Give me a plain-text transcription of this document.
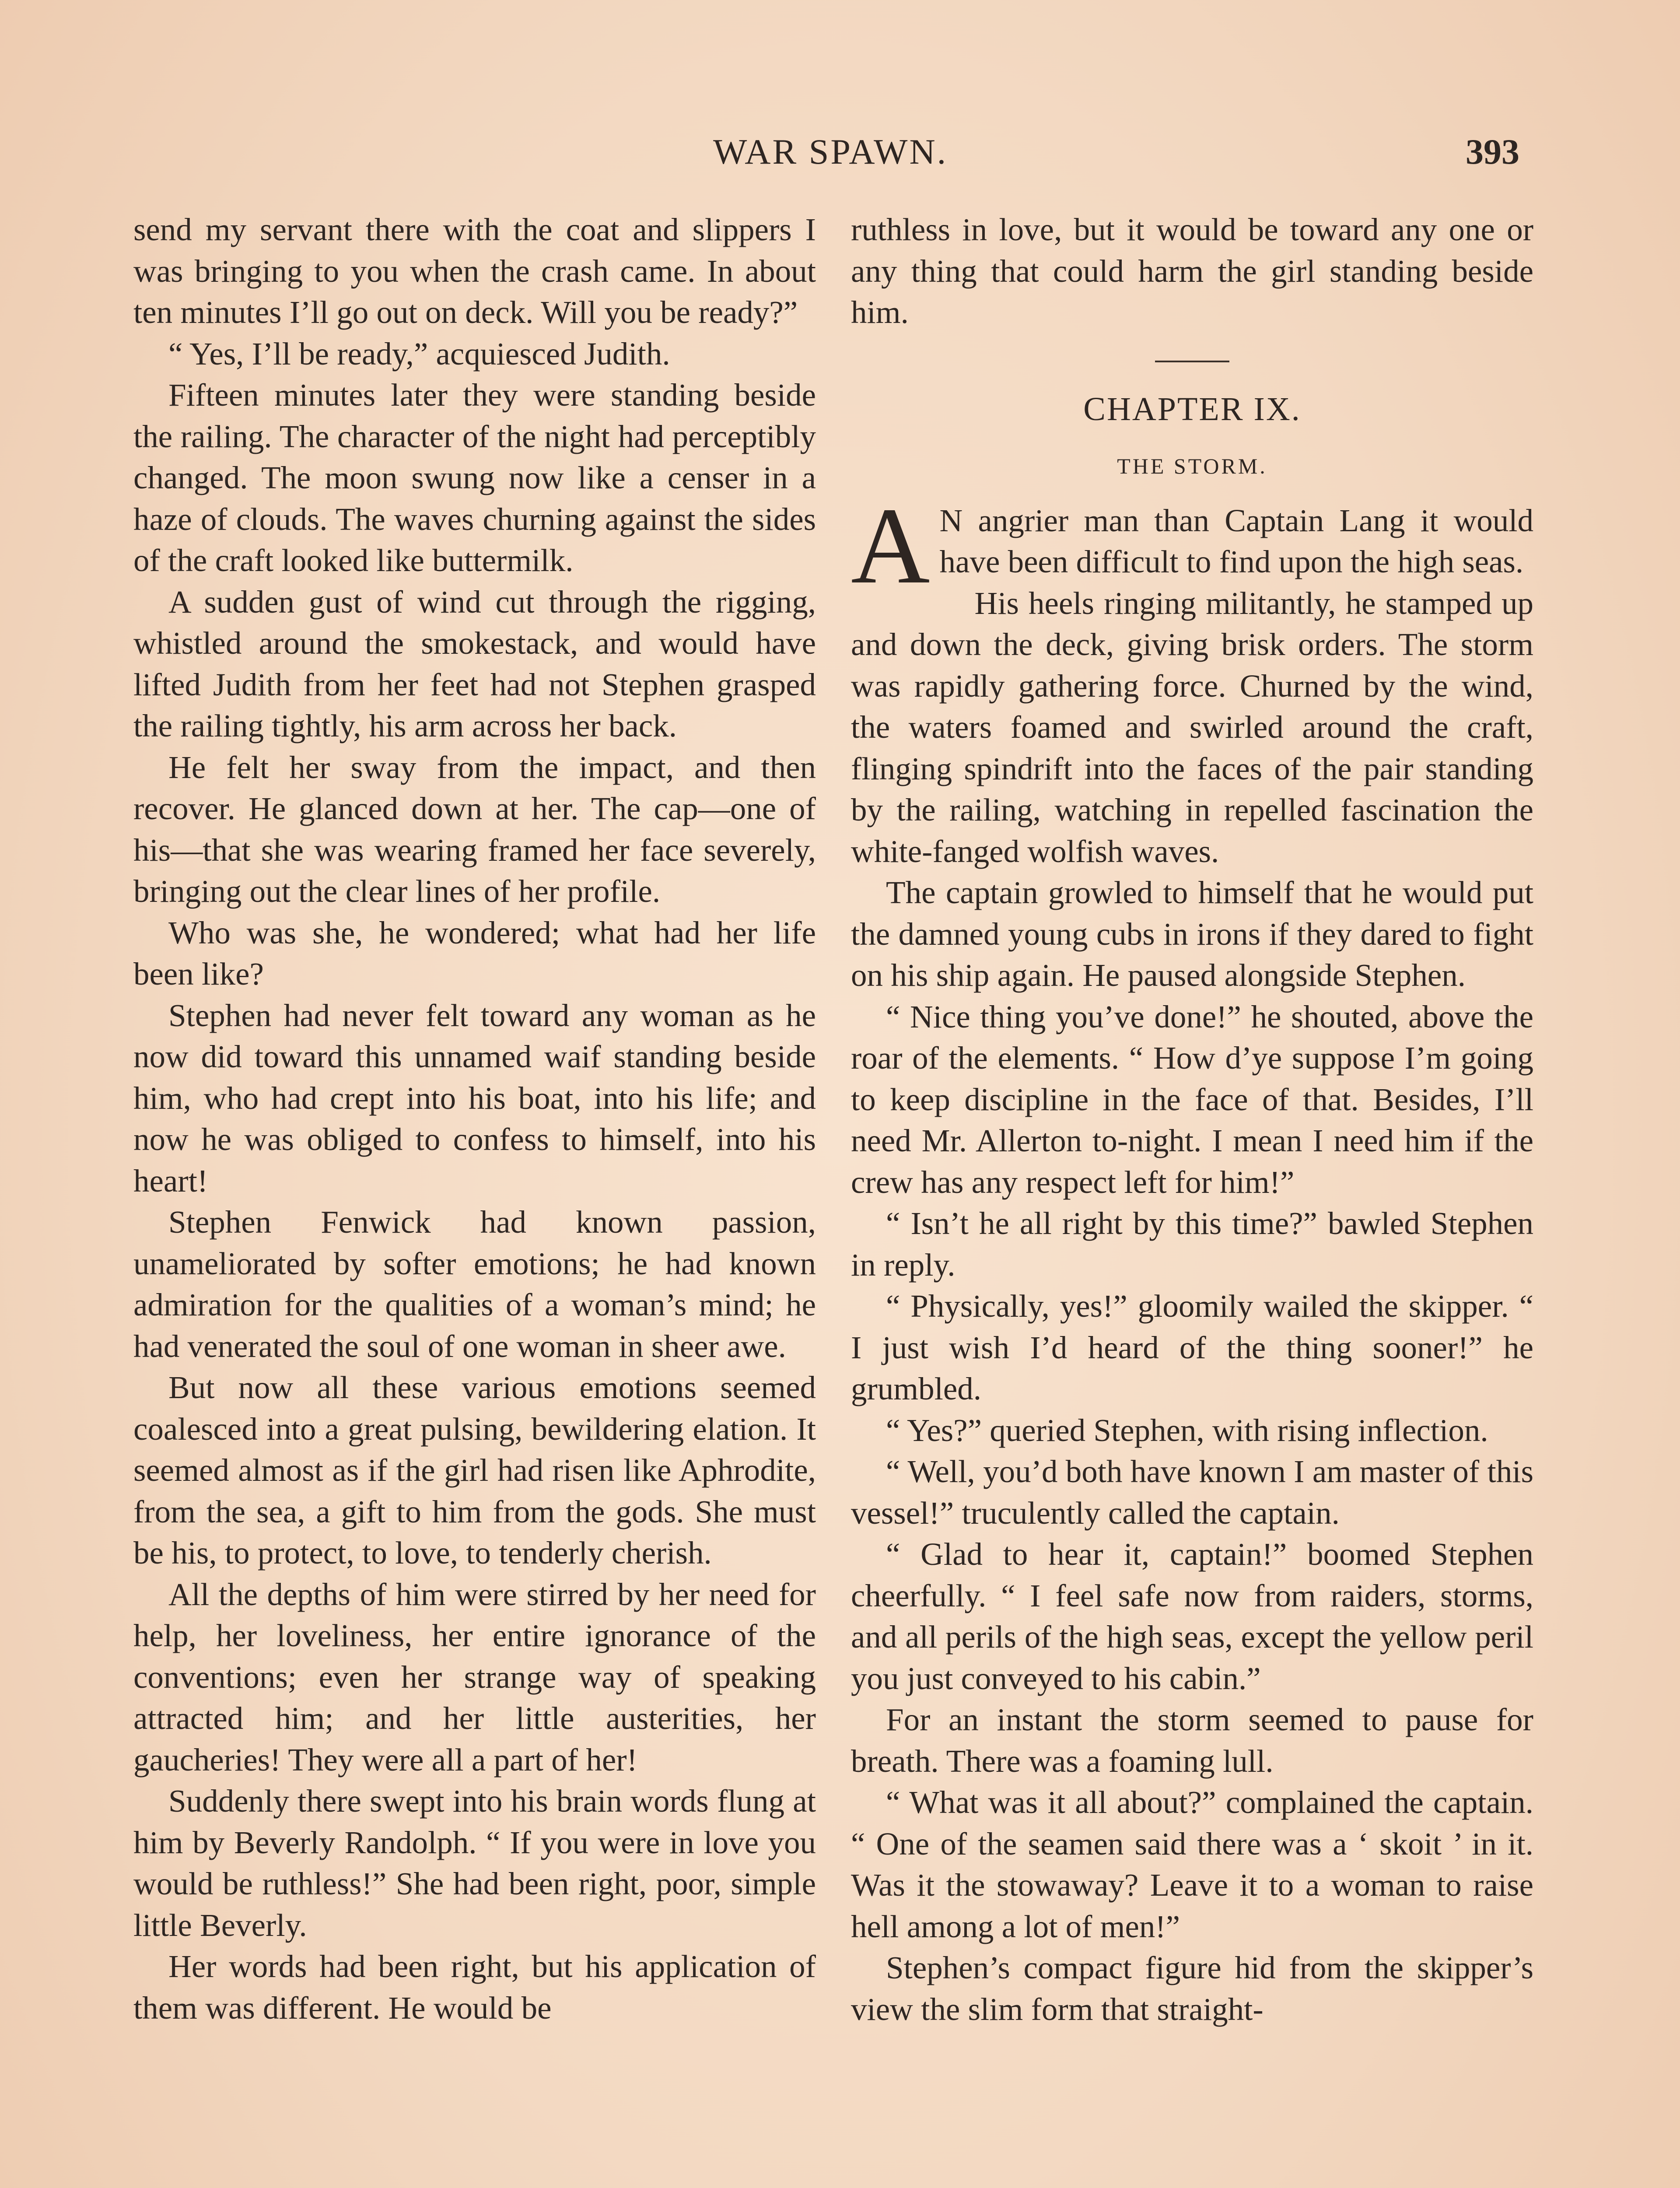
WAR SPAWN.	393

send my servant there with the coat and slippers I was bringing to you when the crash came. In about ten minutes I’ll go out on deck. Will you be ready?”

“ Yes, I’ll be ready,” acquiesced Judith.

Fifteen minutes later they were standing beside the railing. The character of the night had perceptibly changed. The moon swung now like a censer in a haze of clouds. The waves churning against the sides of the craft looked like buttermilk.

A sudden gust of wind cut through the rigging, whistled around the smokestack, and would have lifted Judith from her feet had not Stephen grasped the railing tightly, his arm across her back.

He felt her sway from the impact, and then recover. He glanced down at her. The cap—one of his—that she was wearing framed her face severely, bringing out the clear lines of her profile.

Who was she, he wondered; what had her life been like?

Stephen had never felt toward any woman as he now did toward this unnamed waif standing beside him, who had crept into his boat, into his life; and now he was obliged to confess to himself, into his heart!

Stephen Fenwick had known passion, unameliorated by softer emotions; he had known admiration for the qualities of a woman’s mind; he had venerated the soul of one woman in sheer awe.

But now all these various emotions seemed coalesced into a great pulsing, bewildering elation. It seemed almost as if the girl had risen like Aphrodite, from the sea, a gift to him from the gods. She must be his, to protect, to love, to tenderly cherish.

All the depths of him were stirred by her need for help, her loveliness, her entire ignorance of the conventions; even her strange way of speaking attracted him; and her little austerities, her gaucheries! They were all a part of her!

Suddenly there swept into his brain words flung at him by Beverly Randolph. “ If you were in love you would be ruthless!” She had been right, poor, simple little Beverly.

Her words had been right, but his application of them was different. He would be

ruthless in love, but it would be toward any one or any thing that could harm the girl standing beside him.

CHAPTER IX.
THE STORM.

A N angrier man than Captain Lang it would have been difficult to find upon the high seas.

His heels ringing militantly, he stamped up and down the deck, giving brisk orders. The storm was rapidly gathering force. Churned by the wind, the waters foamed and swirled around the craft, flinging spindrift into the faces of the pair standing by the railing, watching in repelled fascination the white-fanged wolfish waves.

The captain growled to himself that he would put the damned young cubs in irons if they dared to fight on his ship again. He paused alongside Stephen.

“ Nice thing you’ve done!” he shouted, above the roar of the elements. “ How d’ye suppose I’m going to keep discipline in the face of that. Besides, I’ll need Mr. Allerton to-night. I mean I need him if the crew has any respect left for him!”

“ Isn’t he all right by this time?” bawled Stephen in reply.

“ Physically, yes!” gloomily wailed the skipper. “ I just wish I’d heard of the thing sooner!” he grumbled.

“ Yes?” queried Stephen, with rising inflection.

“ Well, you’d both have known I am master of this vessel!” truculently called the captain.

“ Glad to hear it, captain!” boomed Stephen cheerfully. “ I feel safe now from raiders, storms, and all perils of the high seas, except the yellow peril you just conveyed to his cabin.”

For an instant the storm seemed to pause for breath. There was a foaming lull.

“ What was it all about?” complained the captain. “ One of the seamen said there was a ‘ skoit ’ in it. Was it the stowaway? Leave it to a woman to raise hell among a lot of men!”

Stephen’s compact figure hid from the skipper’s view the slim form that straight-
